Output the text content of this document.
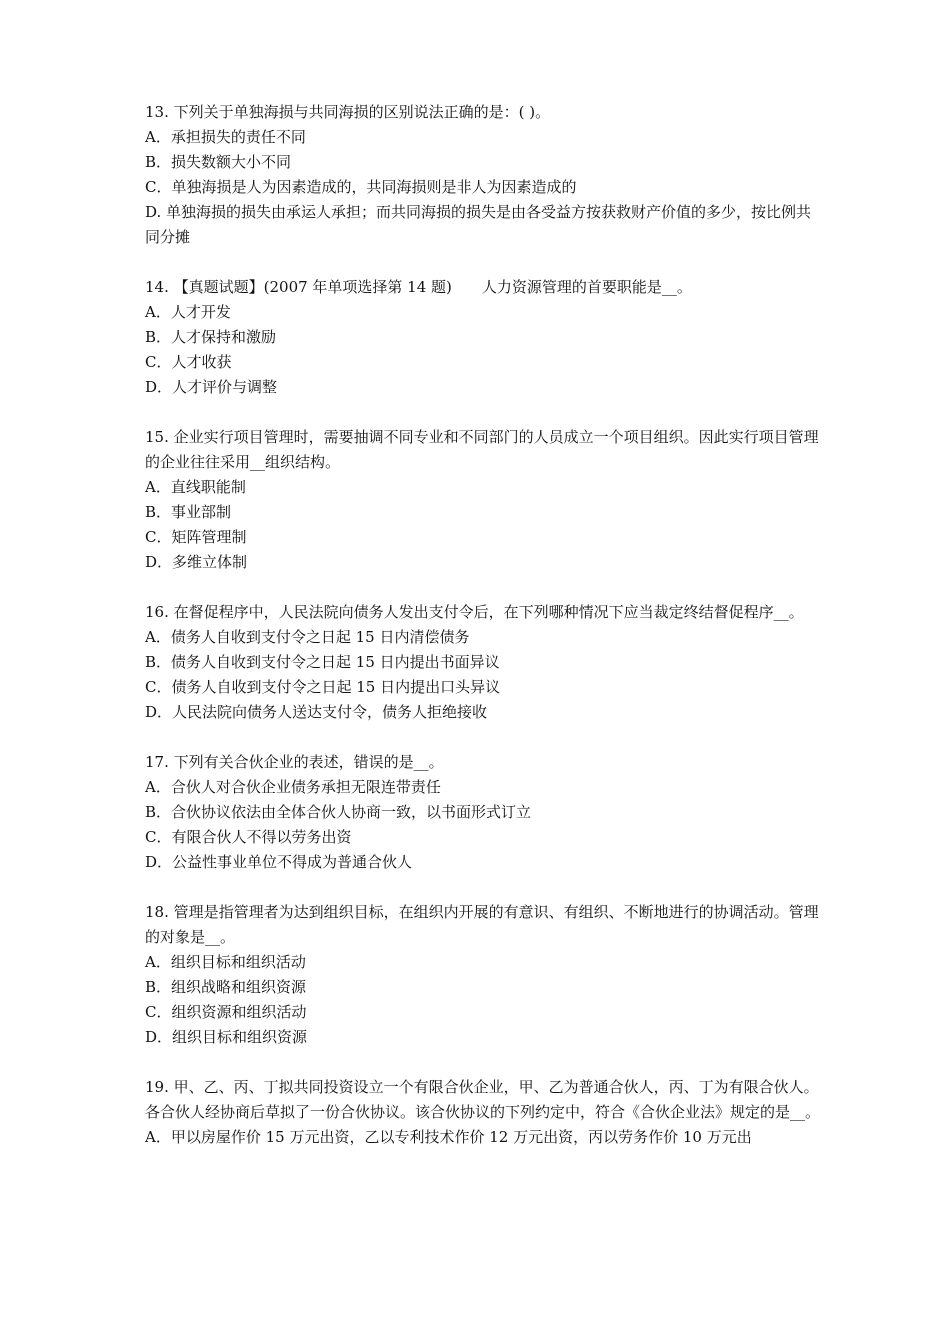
13. 下列关于单独海损与共同海损的区别说法正确的是：( )。

A．承担损失的责任不同

B．损失数额大小不同

C．单独海损是人为因素造成的，共同海损则是非人为因素造成的

D. 单独海损的损失由承运人承担；而共同海损的损失是由各受益方按获救财产价值的多少，按比例共同分摊

14. 【真题试题】(2007 年单项选择第 14 题)　　人力资源管理的首要职能是__。

A．人才开发

B．人才保持和激励

C．人才收获

D．人才评价与调整

15. 企业实行项目管理时，需要抽调不同专业和不同部门的人员成立一个项目组织。因此实行项目管理的企业往往采用__组织结构。

A．直线职能制

B．事业部制

C．矩阵管理制

D．多维立体制

16. 在督促程序中，人民法院向债务人发出支付令后，在下列哪种情况下应当裁定终结督促程序__。

A．债务人自收到支付令之日起 15 日内清偿债务

B．债务人自收到支付令之日起 15 日内提出书面异议

C．债务人自收到支付令之日起 15 日内提出口头异议

D．人民法院向债务人送达支付令，债务人拒绝接收

17. 下列有关合伙企业的表述，错误的是__。

A．合伙人对合伙企业债务承担无限连带责任

B．合伙协议依法由全体合伙人协商一致，以书面形式订立

C．有限合伙人不得以劳务出资

D．公益性事业单位不得成为普通合伙人

18. 管理是指管理者为达到组织目标，在组织内开展的有意识、有组织、不断地进行的协调活动。管理的对象是__。

A．组织目标和组织活动

B．组织战略和组织资源

C．组织资源和组织活动

D．组织目标和组织资源

19. 甲、乙、丙、丁拟共同投资设立一个有限合伙企业，甲、乙为普通合伙人，丙、丁为有限合伙人。各合伙人经协商后草拟了一份合伙协议。该合伙协议的下列约定中，符合《合伙企业法》规定的是__。

A．甲以房屋作价 15 万元出资，乙以专利技术作价 12 万元出资，丙以劳务作价 10 万元出
